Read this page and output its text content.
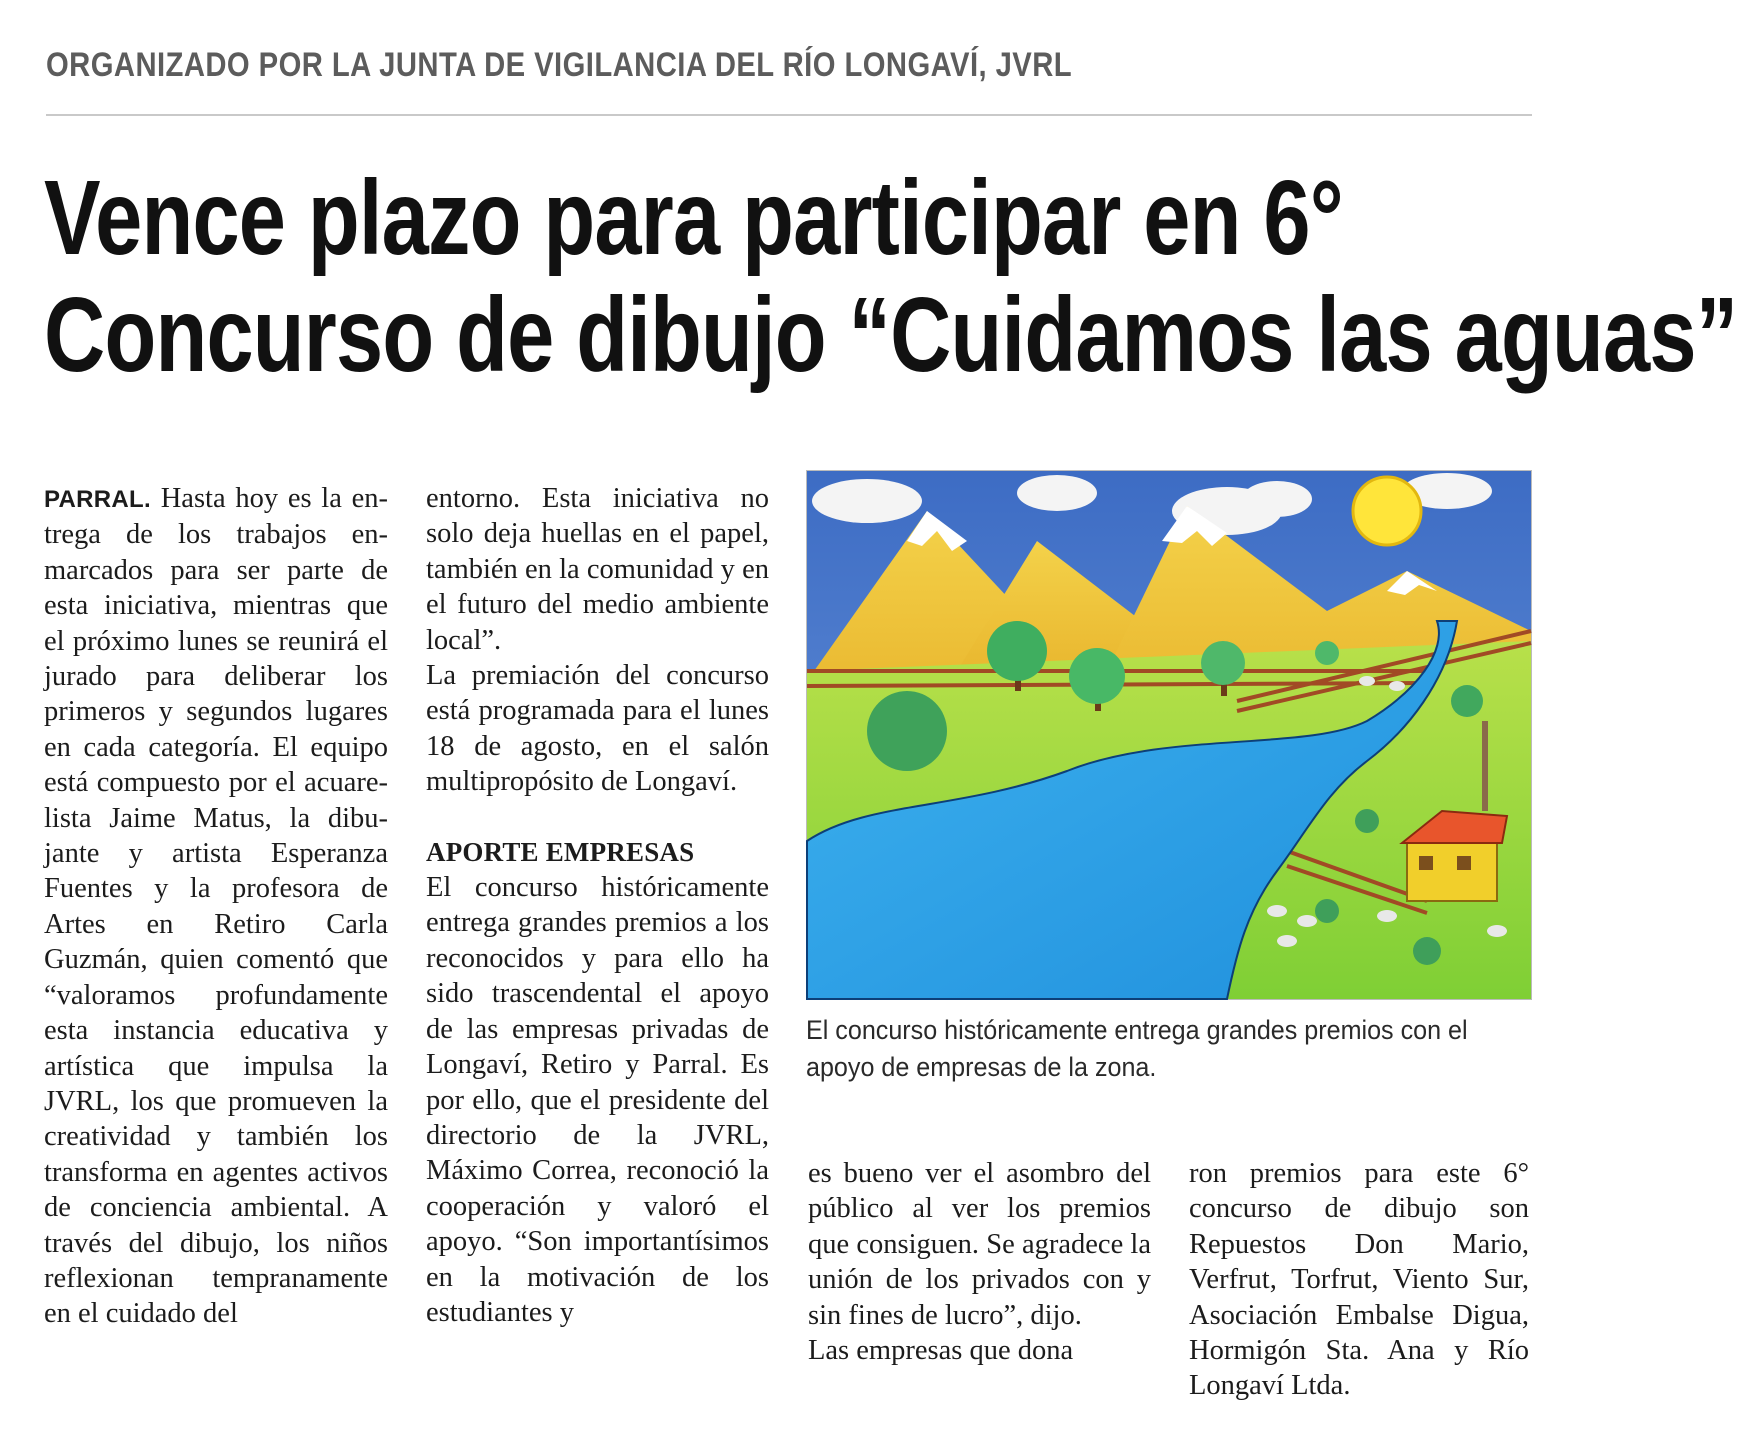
ORGANIZADO POR LA JUNTA DE VIGILANCIA DEL RÍO LONGAVÍ, JVRL
Vence plazo para participar en 6°
Concurso de dibujo “Cuidamos las aguas”

PARRAL. Hasta hoy es la entrega de los trabajos enmarcados para ser parte de esta iniciativa, mientras que el próximo lunes se reunirá el jurado para deliberar los primeros y segundos lugares en cada categoría. El equipo está compuesto por el acuarelista Jaime Matus, la dibujante y artista Esperanza Fuentes y la profesora de Artes en Retiro Carla Guzmán, quien comentó que “valoramos profundamente esta instancia educativa y artística que impulsa la JVRL, los que promueven la creatividad y también los transforma en agentes activos de conciencia ambiental. A través del dibujo, los niños reflexionan tempranamente en el cuidado del

entorno. Esta iniciativa no solo deja huellas en el papel, también en la comunidad y en el futuro del medio ambiente local”.

La premiación del concurso está programada para el lunes 18 de agosto, en el salón multipropósito de Longaví.

APORTE EMPRESAS

El concurso históricamente entrega grandes premios a los reconocidos y para ello ha sido trascendental el apoyo de las empresas privadas de Longaví, Retiro y Parral. Es por ello, que el presidente del directorio de la JVRL, Máximo Correa, reconoció la cooperación y valoró el apoyo. “Son importantísimos en la motivación de los estudiantes y

El concurso históricamente entrega grandes premios con el apoyo de empresas de la zona.

es bueno ver el asombro del público al ver los premios que consiguen. Se agradece la unión de los privados con y sin fines de lucro”, dijo.

Las empresas que dona

ron premios para este 6° concurso de dibujo son Repuestos Don Mario, Verfrut, Torfrut, Viento Sur, Asociación Embalse Digua, Hormigón Sta. Ana y Río Longaví Ltda.
